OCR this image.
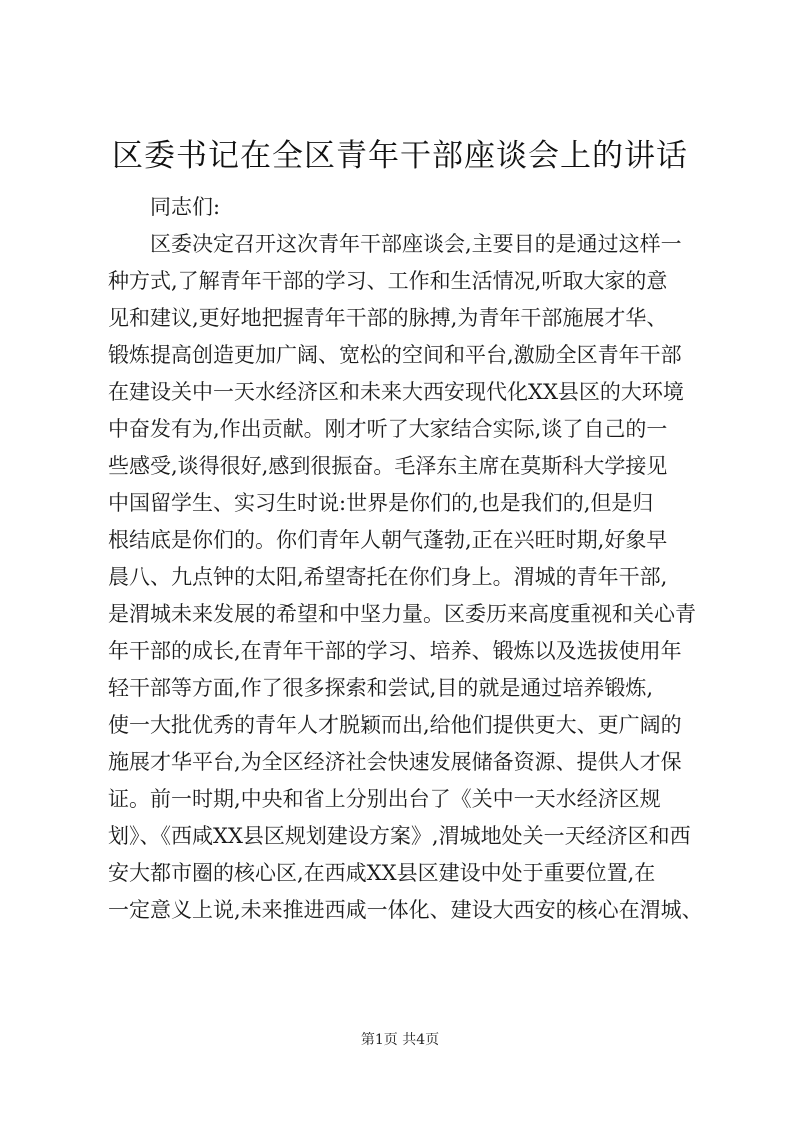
区委书记在全区青年干部座谈会上的讲话

同志们:

区委决定召开这次青年干部座谈会,主要目的是通过这样一
种方式,了解青年干部的学习、工作和生活情况,听取大家的意
见和建议,更好地把握青年干部的脉搏,为青年干部施展才华、
锻炼提高创造更加广阔、宽松的空间和平台,激励全区青年干部
在建设关中一天水经济区和未来大西安现代化XX县区的大环境
中奋发有为,作出贡献。刚才听了大家结合实际,谈了自己的一
些感受,谈得很好,感到很振奋。毛泽东主席在莫斯科大学接见
中国留学生、实习生时说:世界是你们的,也是我们的,但是归
根结底是你们的。你们青年人朝气蓬勃,正在兴旺时期,好象早
晨八、九点钟的太阳,希望寄托在你们身上。渭城的青年干部,
是渭城未来发展的希望和中坚力量。区委历来高度重视和关心青
年干部的成长,在青年干部的学习、培养、锻炼以及选拔使用年
轻干部等方面,作了很多探索和尝试,目的就是通过培养锻炼,
使一大批优秀的青年人才脱颖而出,给他们提供更大、更广阔的
施展才华平台,为全区经济社会快速发展储备资源、提供人才保
证。前一时期,中央和省上分别出台了《关中一天水经济区规
划》、《西咸XX县区规划建设方案》,渭城地处关一天经济区和西
安大都市圈的核心区,在西咸XX县区建设中处于重要位置,在
一定意义上说,未来推进西咸一体化、建设大西安的核心在渭城、
第1页 共4页
